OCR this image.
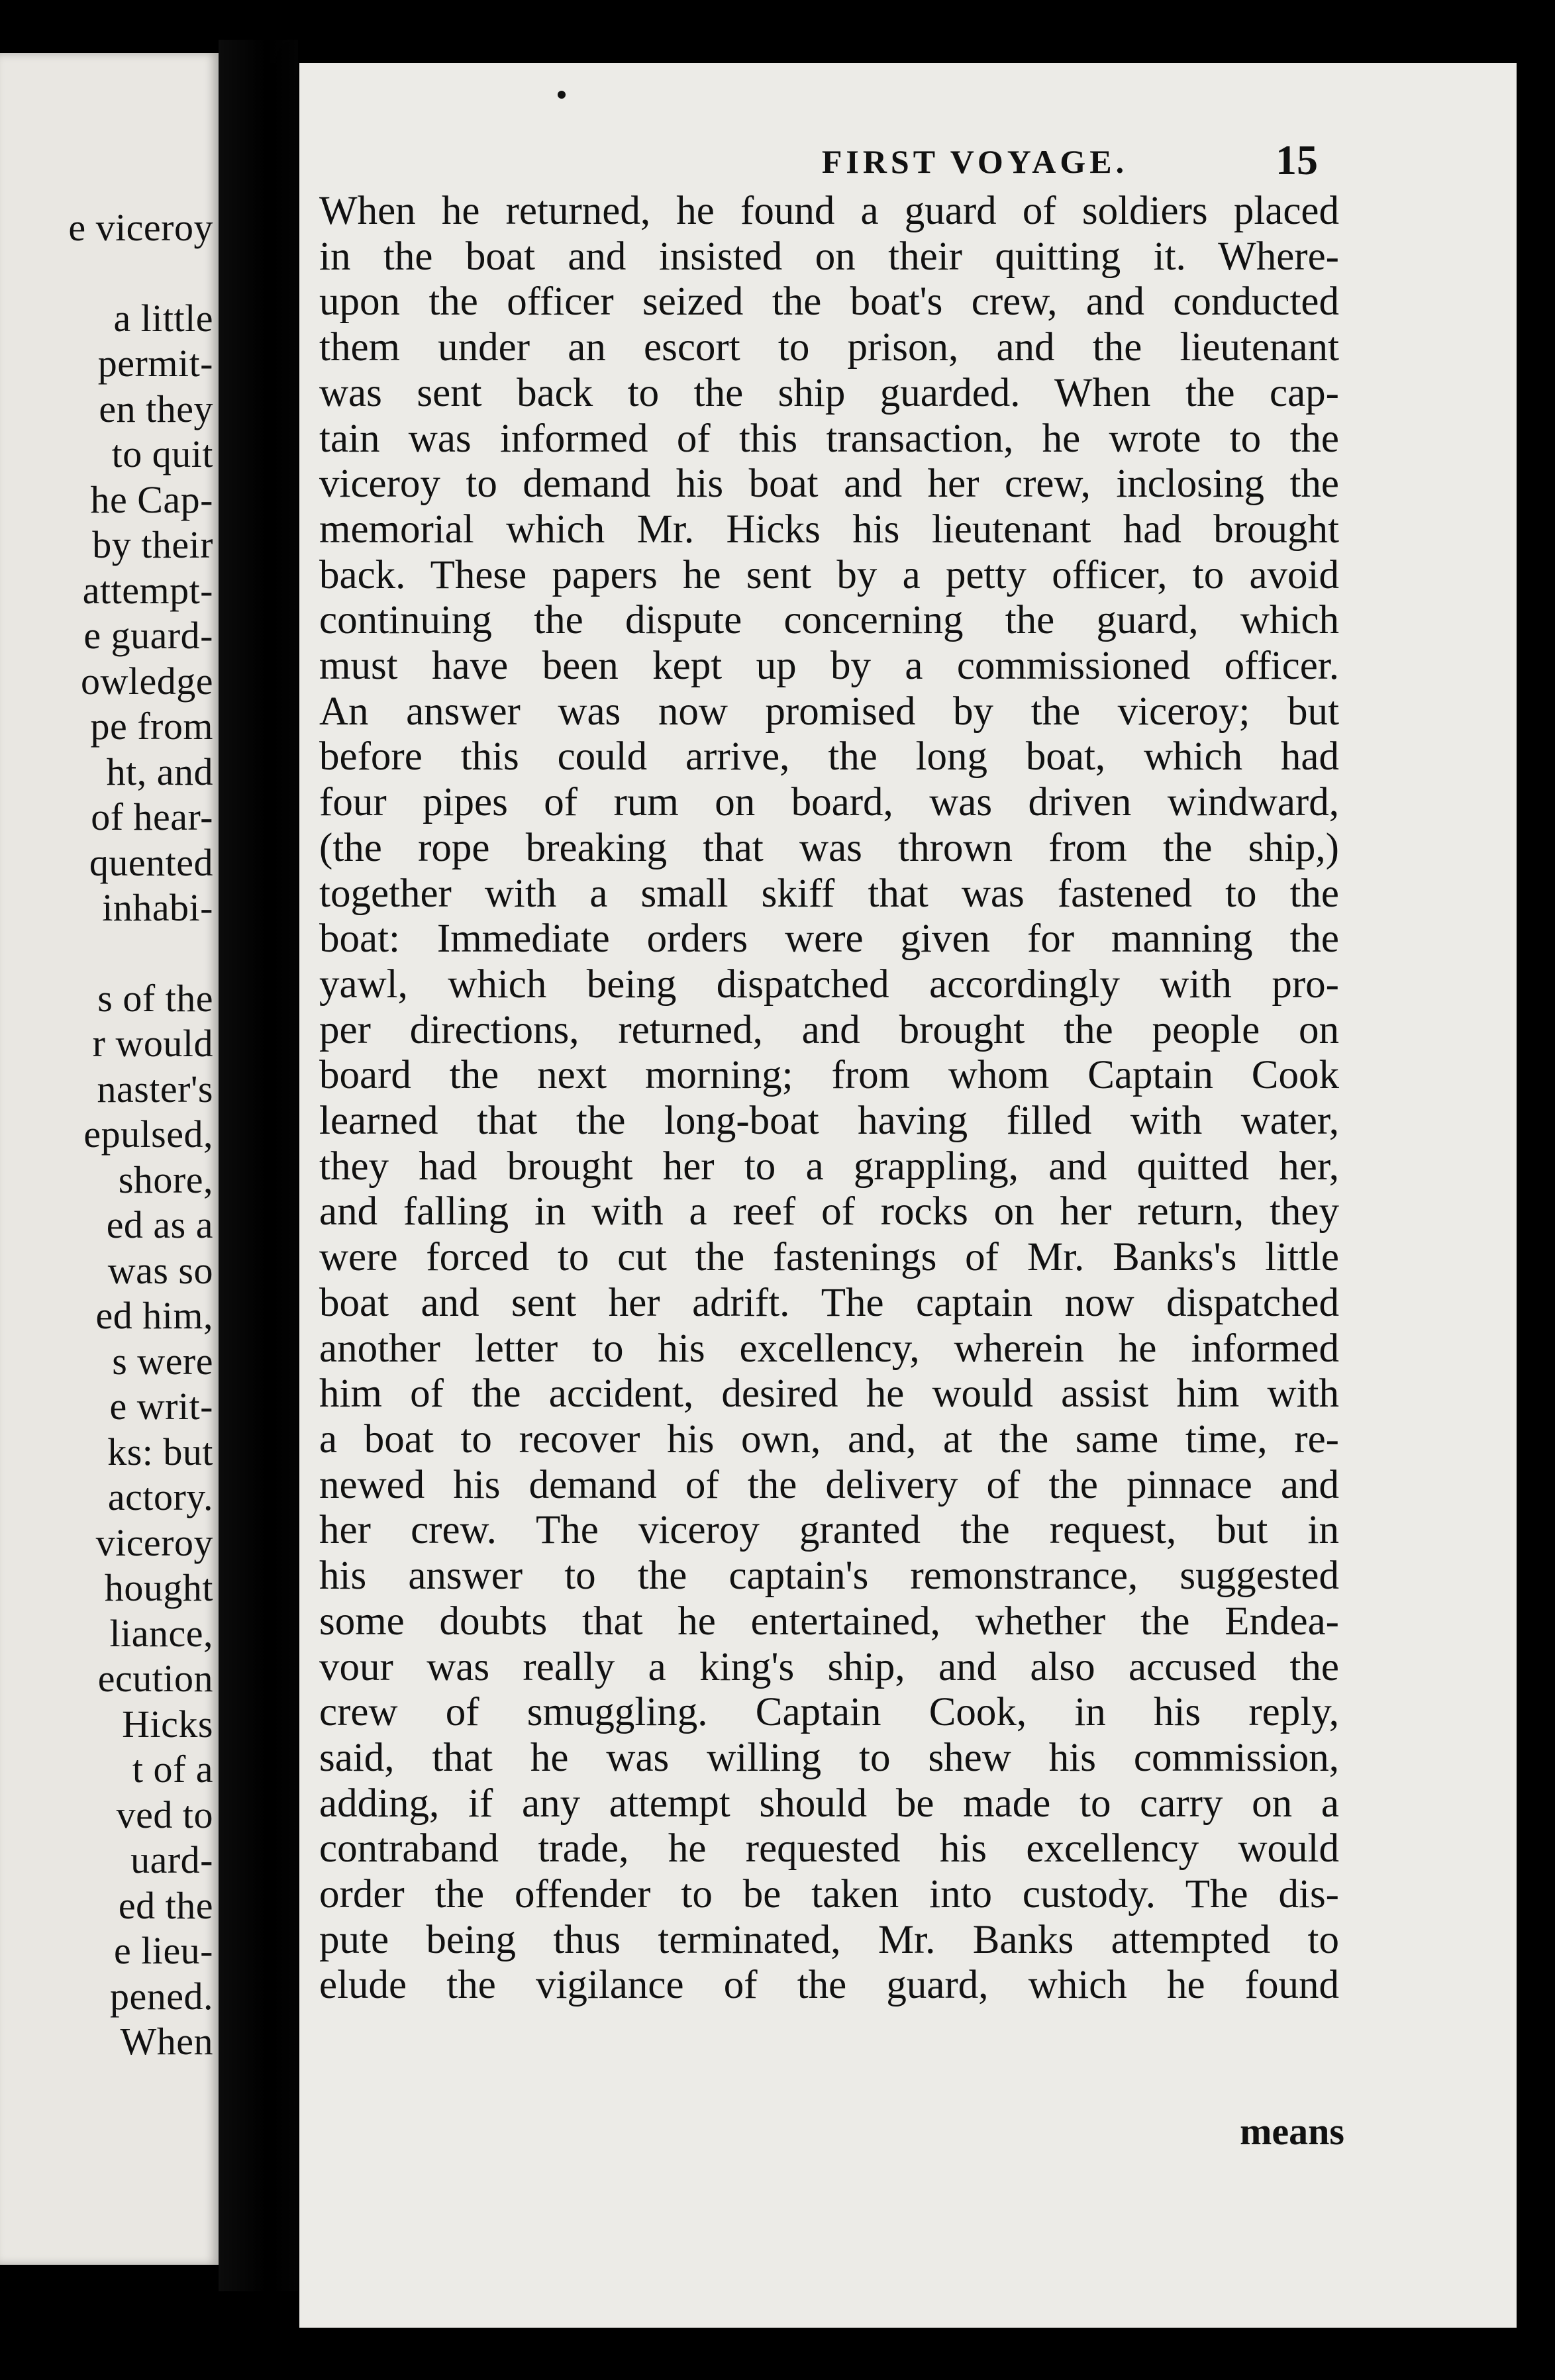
e viceroy
a little
permit-
en they
to quit
he Cap-
by their
attempt-
e guard-
owledge
pe from
ht, and
of hear-
quented
inhabi-
s of the
r would
naster's
epulsed,
shore,
ed as a
was so
ed him,
s were
e writ-
ks: but
actory.
viceroy
hought
liance,
ecution
Hicks
t of a
ved to
uard-
ed the
e lieu-
pened.
When
FIRST VOYAGE.	15
When he returned, he found a guard of soldiers placed
in the boat and insisted on their quitting it. Where-
upon the officer seized the boat's crew, and conducted
them under an escort to prison, and the lieutenant
was sent back to the ship guarded. When the cap-
tain was informed of this transaction, he wrote to the
viceroy to demand his boat and her crew, inclosing the
memorial which Mr. Hicks his lieutenant had brought
back. These papers he sent by a petty officer, to avoid
continuing the dispute concerning the guard, which
must have been kept up by a commissioned officer.
An answer was now promised by the viceroy; but
before this could arrive, the long boat, which had
four pipes of rum on board, was driven windward,
(the rope breaking that was thrown from the ship,)
together with a small skiff that was fastened to the
boat: Immediate orders were given for manning the
yawl, which being dispatched accordingly with pro-
per directions, returned, and brought the people on
board the next morning; from whom Captain Cook
learned that the long-boat having filled with water,
they had brought her to a grappling, and quitted her,
and falling in with a reef of rocks on her return, they
were forced to cut the fastenings of Mr. Banks's little
boat and sent her adrift. The captain now dispatched
another letter to his excellency, wherein he informed
him of the accident, desired he would assist him with
a boat to recover his own, and, at the same time, re-
newed his demand of the delivery of the pinnace and
her crew. The viceroy granted the request, but in
his answer to the captain's remonstrance, suggested
some doubts that he entertained, whether the Endea-
vour was really a king's ship, and also accused the
crew of smuggling. Captain Cook, in his reply,
said, that he was willing to shew his commission,
adding, if any attempt should be made to carry on a
contraband trade, he requested his excellency would
order the offender to be taken into custody. The dis-
pute being thus terminated, Mr. Banks attempted to
elude the vigilance of the guard, which he found
means
